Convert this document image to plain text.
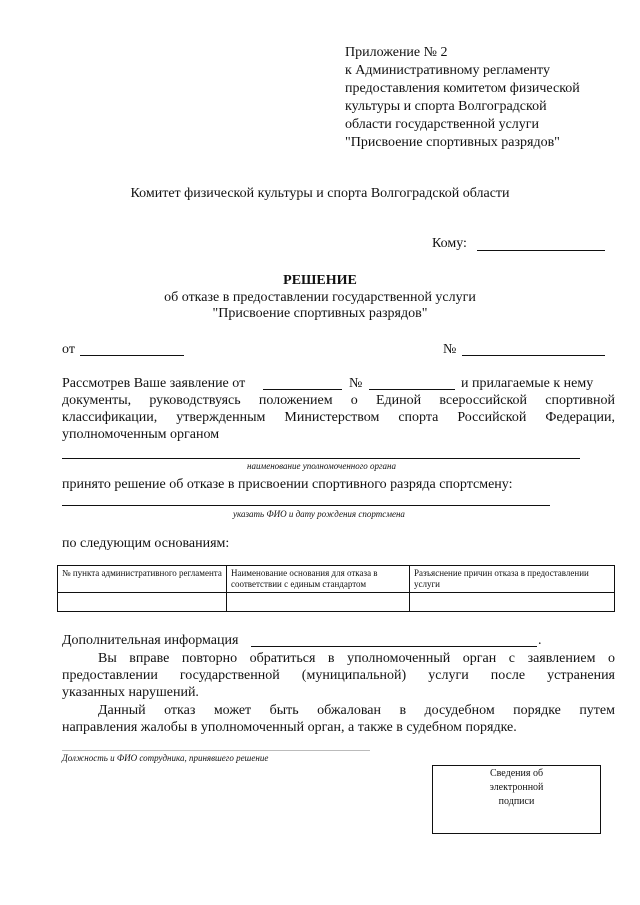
Приложение № 2
к Административному регламенту
предоставления комитетом физической
культуры и спорта Волгоградской
области государственной услуги
"Присвоение спортивных разрядов"
Комитет физической культуры и спорта Волгоградской области
Кому:
РЕШЕНИЕ
об отказе в предоставлении государственной услуги
"Присвоение спортивных разрядов"
от	№
Рассмотрев Ваше заявление от	№	и прилагаемые к нему
документы, руководствуясь положением о Единой всероссийской спортивной
классификации, утвержденным Министерством спорта Российской Федерации,
уполномоченным органом
наименование уполномоченного органа
принято решение об отказе в присвоении спортивного разряда спортсмену:
указать ФИО и дату рождения спортсмена
по следующим основаниям:
№ пункта административного регламента	Наименование основания для отказа в соответствии с единым стандартом	Разъяснение причин отказа в предоставлении услуги

Дополнительная информация	.
Вы вправе повторно обратиться в уполномоченный орган с заявлением о
предоставлении государственной (муниципальной) услуги после устранения
указанных нарушений.
Данный отказ может быть обжалован в досудебном порядке путем
направления жалобы в уполномоченный орган, а также в судебном порядке.
Должность и ФИО сотрудника, принявшего решение
Сведения об
электронной
подписи
